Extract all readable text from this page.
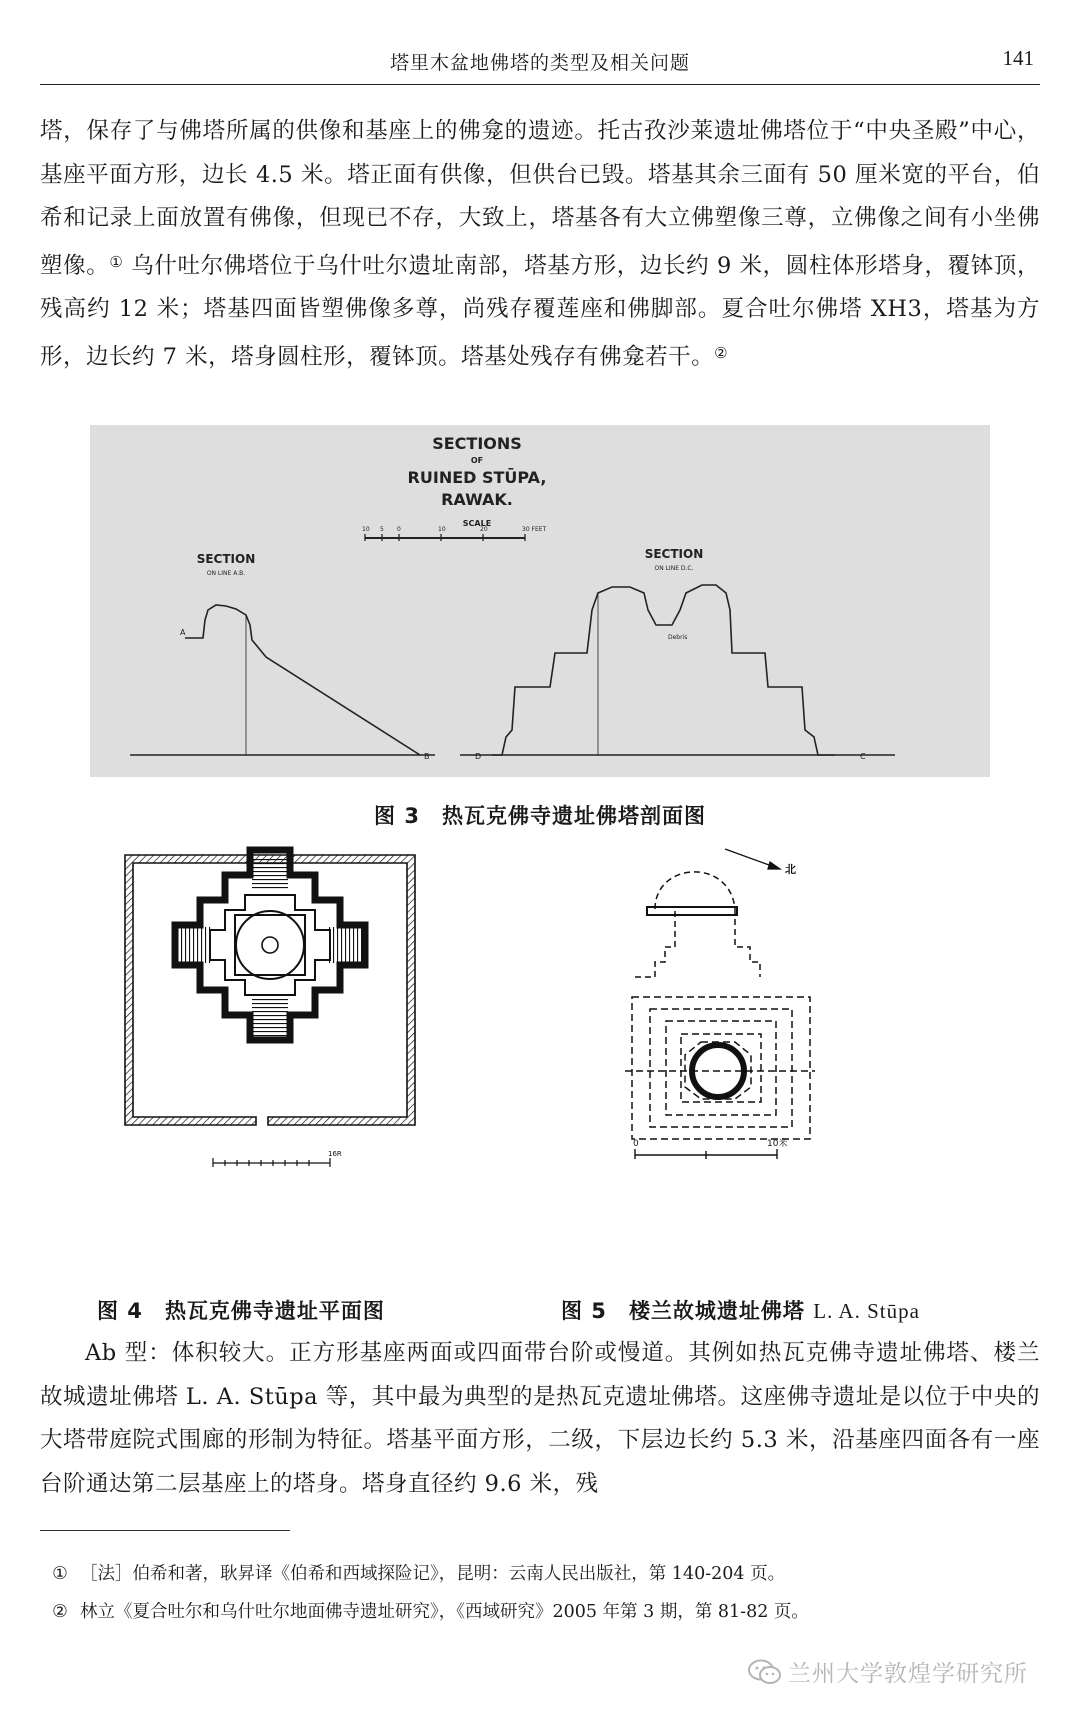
塔里木盆地佛塔的类型及相关问题	141

塔，保存了与佛塔所属的供像和基座上的佛龛的遗迹。托古孜沙莱遗址佛塔位于“中央圣殿”中心，基座平面方形，边长 4.5 米。塔正面有供像，但供台已毁。塔基其余三面有 50 厘米宽的平台，伯希和记录上面放置有佛像，但现已不存，大致上，塔基各有大立佛塑像三尊，立佛像之间有小坐佛塑像。① 乌什吐尔佛塔位于乌什吐尔遗址南部，塔基方形，边长约 9 米，圆柱体形塔身，覆钵顶，残高约 12 米；塔基四面皆塑佛像多尊，尚残存覆莲座和佛脚部。夏合吐尔佛塔 XH3，塔基为方形，边长约 7 米，塔身圆柱形，覆钵顶。塔基处残存有佛龛若干。②

SECTIONS
OF
RUINED STŪPA,
RAWAK.
SCALE
SECTION
ON LINE A.B.
SECTION
ON LINE D.C.
10 5 0	10	20	30 FEET
A
B	D	C
Debris
图 3 热瓦克佛寺遗址佛塔剖面图
16R
北
0	10米
图 4 热瓦克佛寺遗址平面图	图 5 楼兰故城遗址佛塔 L. A. Stūpa

Ab 型：体积较大。正方形基座两面或四面带台阶或慢道。其例如热瓦克佛寺遗址佛塔、楼兰故城遗址佛塔 L. A. Stūpa 等，其中最为典型的是热瓦克遗址佛塔。这座佛寺遗址是以位于中央的大塔带庭院式围廊的形制为特征。塔基平面方形，二级，下层边长约 5.3 米，沿基座四面各有一座台阶通达第二层基座上的塔身。塔身直径约 9.6 米，残

① ［法］伯希和著，耿昇译《伯希和西域探险记》，昆明：云南人民出版社，第 140-204 页。
② 林立《夏合吐尔和乌什吐尔地面佛寺遗址研究》，《西域研究》2005 年第 3 期，第 81-82 页。
兰州大学敦煌学研究所
